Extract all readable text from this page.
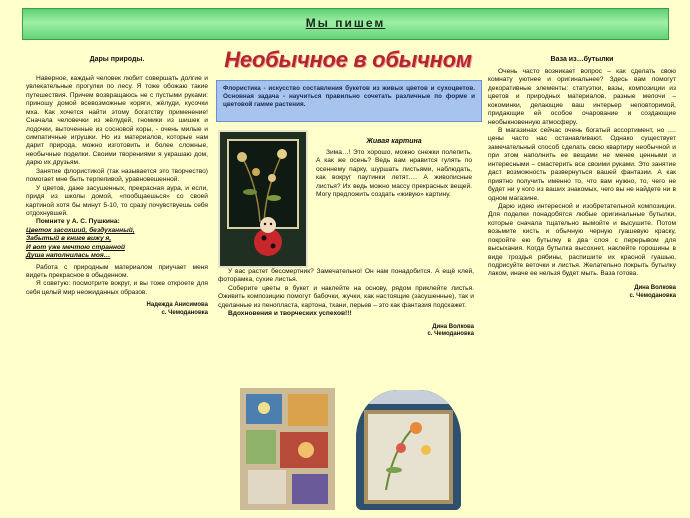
Мы пишем
Необычное в обычном
Дары природы.

Наверное, каждый человек любит совершать долгие и увлекательные прогулки по лесу. Я тоже обожаю такие путешествия. Причем возвращаюсь не с пустыми руками: приношу домой всевозможные коряги, жёлуди, кусочки мха. Как хочется найти этому богатству применение! Сначала человечки из жёлудей, гномики из шишек и лодочки, выточенные из сосновой коры, - очень милые и симпатичные игрушки. Но из материалов, которые нам дарит природа, можно изготовить и более сложные, необычные поделки. Своими творениями я украшаю дом, дарю их друзьям.

Занятие флористикой (так называется это творчество) помогает мне быть терпеливой, уравновешенной.

У цветов, даже засушенных, прекрасная аура, и если, придя из школы домой, «пообщаешься» со своей картиной хотя бы минут 5-10, то сразу почувствуешь себя отдохнувшей.

Помните у А. С. Пушкина:

Цветок засохший, бездуханный,

Забытый в книге вижу я,

И вот уже мечтою странной

Душа наполнилась моя…

Работа с природным материалом приучает меня видеть прекрасное в обыденном.

Я советую: посмотрите вокруг, и вы тоже откроете для себя целый мир неожиданных образов.

Надежда Анисимова
с. Чемодановка
Флористика - искусство составления букетов из живых цветов и сухоцветов. Основная задача - научиться правильно сочетать различные по форме и цветовой гамме растения.
Живая картина

Зима…! Это хорошо, можно снежки полепить. А как же осень? Ведь вам нравится гулять по осеннему парку, шуршать листьями, наблюдать, как вокруг паутинки летят…. А живописные листья? Их ведь можно массу прекрасных вещей. Могу предложить создать «живую» картину.

У вас растет бессмертник? Замечательно! Он нам понадобится. А ещё клей, фоторамка, сухие листья.

Соберите цветы в букет и наклейте на основу, рядом приклейте листья. Оживить композицию помогут бабочки, жучки, как настоящие (засушенные), так и сделанные из пенопласта, картона, ткани, перьев – это как фантазия подскажет.

Вдохновения и творческих успехов!!!

Дина Волкова
с. Чемодановка
Ваза из…бутылки

Очень часто возникает вопрос – как сделать свою комнату уютнее и оригинальнее? Здесь вам помогут декоративные элементы: статуэтки, вазы, композиции из цветов и природных материалов, разные мелочи – кокоминки, делающие ваш интерьер неповторимой, придающие ей особое очарование и создающие необыкновенную атмосферу.

В магазинах сейчас очень богатый ассортимент, но …. цены часто нас останавливают. Однако существует замечательный способ сделать свою квартиру необычной и при этом наполнить ее вещами не менее ценными и интересными – смастерить все своими руками. Это занятие даст возможность развернуться вашей фантазии. А как приятно получить именно то, что вам нужно, то, чего не будет ни у кого из ваших знакомых, чего вы не найдете ни в одном магазине.

Дарю идею интересной и изобретательной композиции. Для поделки понадобятся любые оригинальные бутылки, которые сначала тщательно вымойте и высушите. Потом возьмите кисть и обычную черную гуашевую краску, покройте ею бутылку в два слоя с перерывом для высыхания. Когда бутылка высохнет, наклейте горошины в виде гроздья рябины, распишите их красной гуашью, подрисуйте веточки и листья. Желательно покрыть бутылку лаком, иначе ее нельзя будет мыть. Ваза готова.

Дина Волкова
с. Чемодановка
